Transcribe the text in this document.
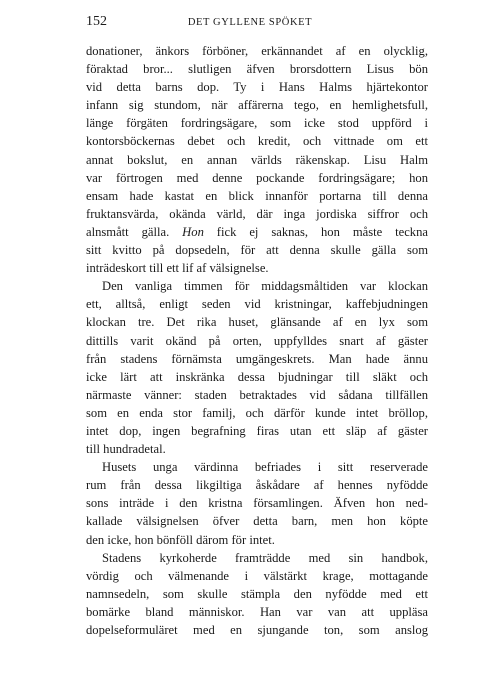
152	DET GYLLENE SPÖKET
donationer, änkors förböner, erkännandet af en olycklig,
föraktad bror... slutligen äfven brorsdottern Lisus bön
vid detta barns dop. Ty i Hans Halms hjärtekontor
infann sig stundom, när affärerna tego, en hemlighetsfull,
länge förgäten fordringsägare, som icke stod uppförd i
kontorsböckernas debet och kredit, och vittnade om ett
annat bokslut, en annan världs räkenskap. Lisu Halm
var förtrogen med denne pockande fordringsägare; hon
ensam hade kastat en blick innanför portarna till denna
fruktansvärda, okända värld, där inga jordiska siffror och
alnsmått gälla. Hon fick ej saknas, hon måste teckna
sitt kvitto på dopsedeln, för att denna skulle gälla som
inträdeskort till ett lif af välsignelse.
Den vanliga timmen för middagsmåltiden var klockan
ett, alltså, enligt seden vid kristningar, kaffebjudningen
klockan tre. Det rika huset, glänsande af en lyx som
dittills varit okänd på orten, uppfylldes snart af gäster
från stadens förnämsta umgängeskrets. Man hade ännu
icke lärt att inskränka dessa bjudningar till släkt och
närmaste vänner: staden betraktades vid sådana tillfällen
som en enda stor familj, och därför kunde intet bröllop,
intet dop, ingen begrafning firas utan ett släp af gäster
till hundradetal.
Husets unga värdinna befriades i sitt reserverade
rum från dessa likgiltiga åskådare af hennes nyfödde
sons inträde i den kristna församlingen. Äfven hon ned-
kallade välsignelsen öfver detta barn, men hon köpte
den icke, hon bönföll därom för intet.
Stadens kyrkoherde framträdde med sin handbok,
vördig och välmenande i välstärkt krage, mottagande
namnsedeln, som skulle stämpla den nyfödde med ett
bomärke bland människor. Han var van att uppläsa
dopelseformuläret med en sjungande ton, som anslog
